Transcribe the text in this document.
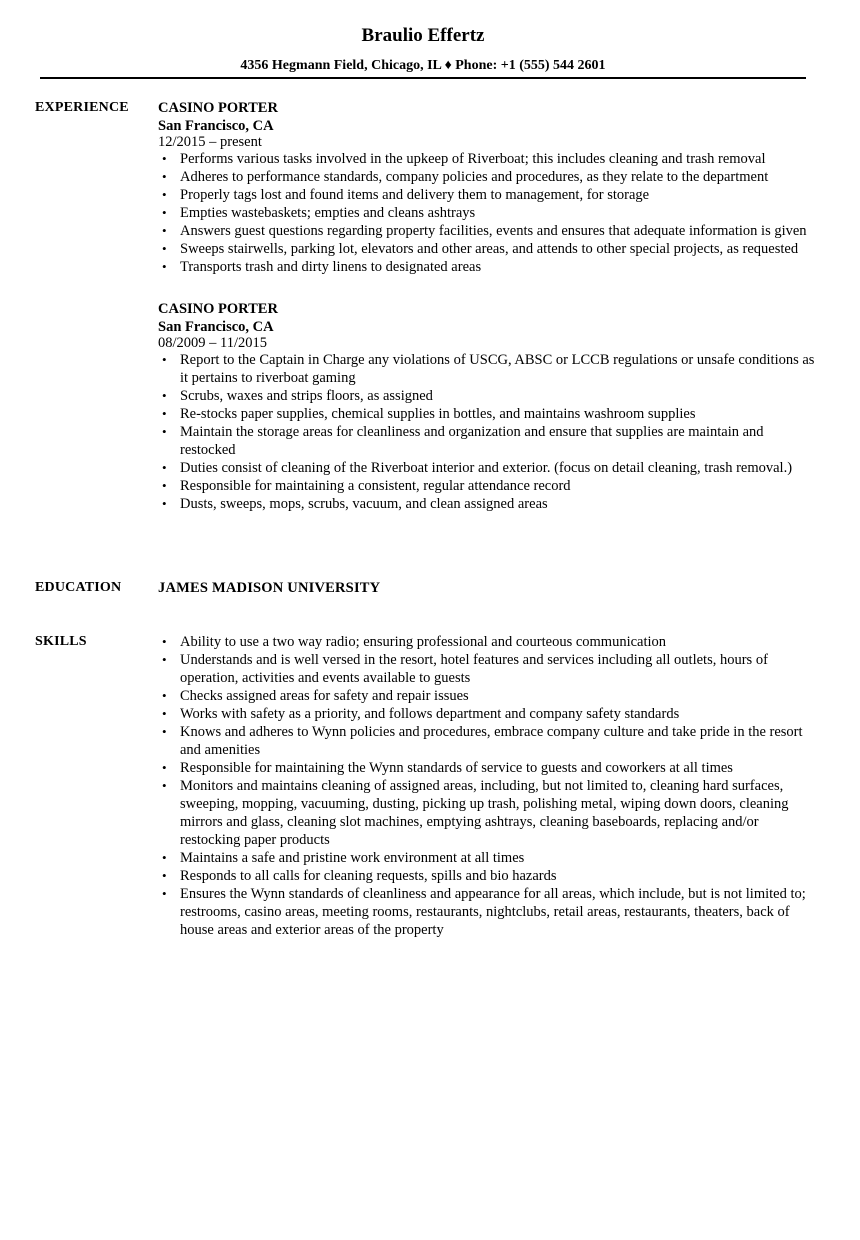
Braulio Effertz
4356 Hegmann Field, Chicago, IL ♦ Phone: +1 (555) 544 2601
EXPERIENCE CASINO PORTER
San Francisco, CA
12/2015 – present
• Performs various tasks involved in the upkeep of Riverboat; this includes cleaning and trash removal
• Adheres to performance standards, company policies and procedures, as they relate to the department
• Properly tags lost and found items and delivery them to management, for storage
• Empties wastebaskets; empties and cleans ashtrays
• Answers guest questions regarding property facilities, events and ensures that adequate information is given
• Sweeps stairwells, parking lot, elevators and other areas, and attends to other special projects, as requested
• Transports trash and dirty linens to designated areas
CASINO PORTER
San Francisco, CA
08/2009 – 11/2015
• Report to the Captain in Charge any violations of USCG, ABSC or LCCB regulations or unsafe conditions as it pertains to riverboat gaming
• Scrubs, waxes and strips floors, as assigned
• Re-stocks paper supplies, chemical supplies in bottles, and maintains washroom supplies
• Maintain the storage areas for cleanliness and organization and ensure that supplies are maintain and restocked
• Duties consist of cleaning of the Riverboat interior and exterior. (focus on detail cleaning, trash removal.)
• Responsible for maintaining a consistent, regular attendance record
• Dusts, sweeps, mops, scrubs, vacuum, and clean assigned areas
EDUCATION	JAMES MADISON UNIVERSITY
SKILLS
•	Ability to use a two way radio; ensuring professional and courteous communication
• Understands and is well versed in the resort, hotel features and services including all outlets, hours of operation, activities and events available to guests
• Checks assigned areas for safety and repair issues
• Works with safety as a priority, and follows department and company safety standards
• Knows and adheres to Wynn policies and procedures, embrace company culture and take pride in the resort and amenities
• Responsible for maintaining the Wynn standards of service to guests and coworkers at all times
• Monitors and maintains cleaning of assigned areas, including, but not limited to, cleaning hard surfaces, sweeping, mopping, vacuuming, dusting, picking up trash, polishing metal, wiping down doors, cleaning mirrors and glass, cleaning slot machines, emptying ashtrays, cleaning baseboards, replacing and/or restocking paper products
• Maintains a safe and pristine work environment at all times
• Responds to all calls for cleaning requests, spills and bio hazards
• Ensures the Wynn standards of cleanliness and appearance for all areas, which include, but is not limited to; restrooms, casino areas, meeting rooms, restaurants, nightclubs, retail areas, restaurants, theaters, back of house areas and exterior areas of the property
